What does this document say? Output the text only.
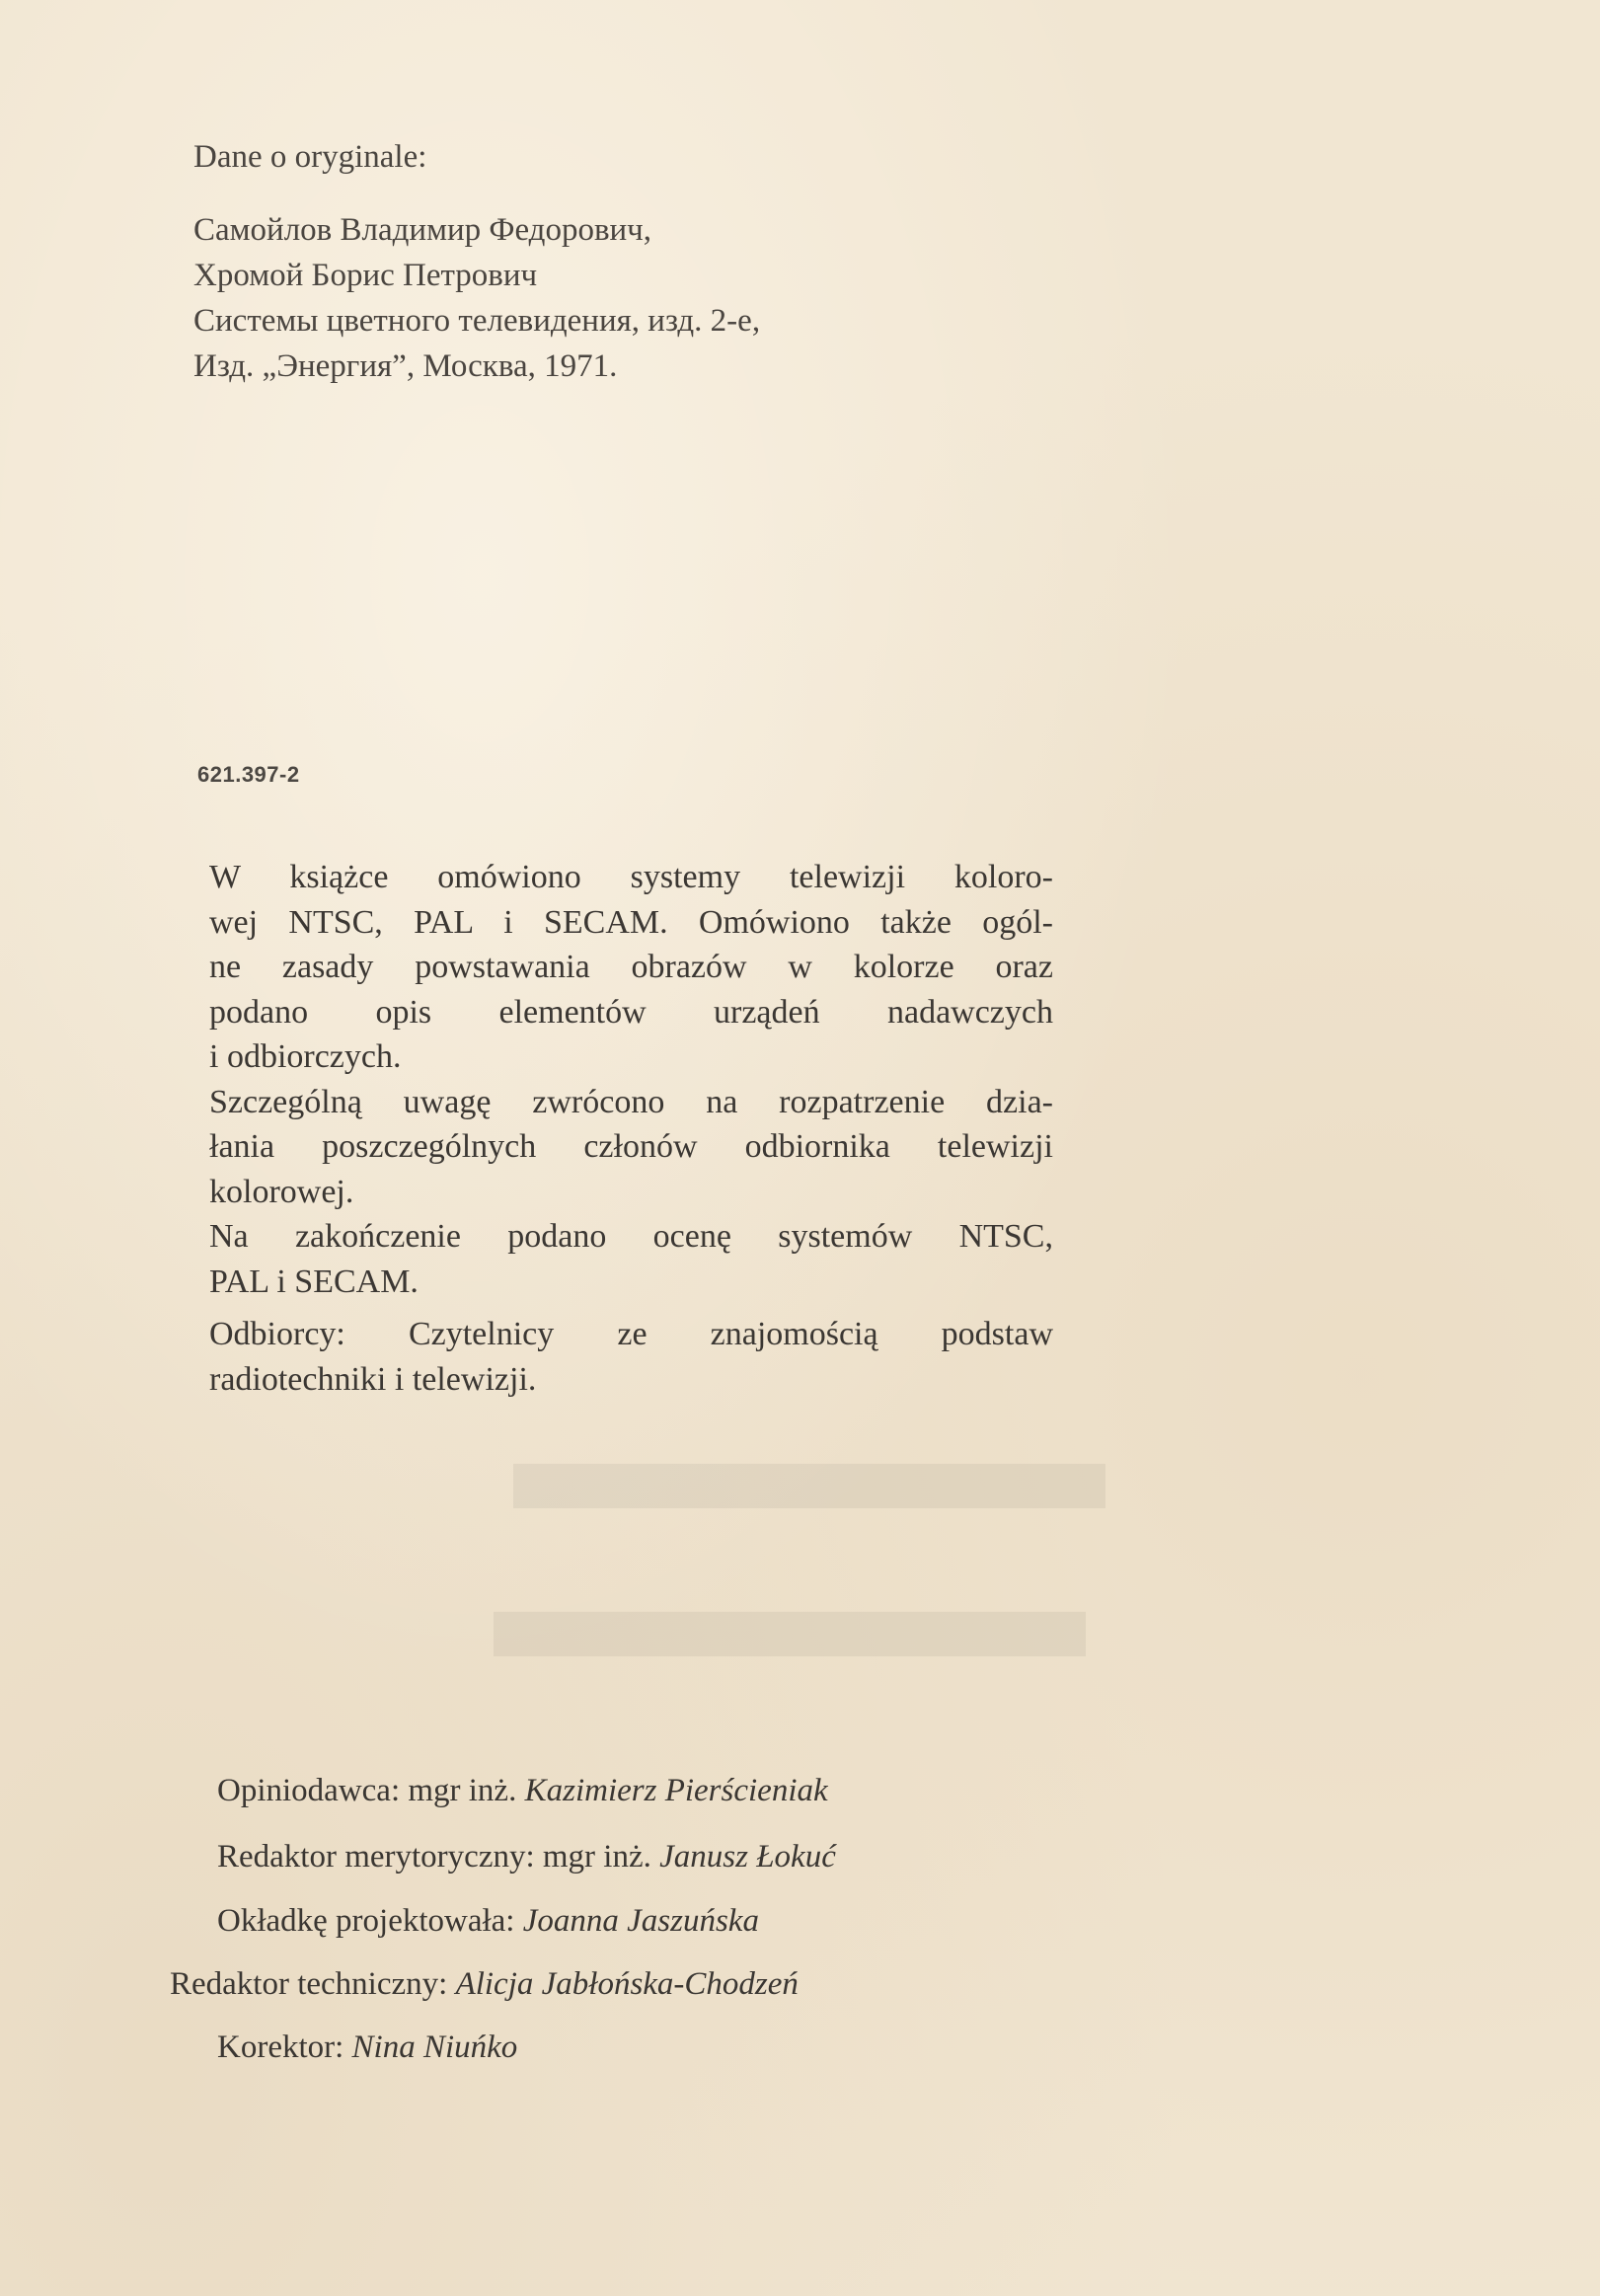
▬▬▬▬
▬▬▬▬
Dane o oryginale:
Самойлов Владимир Федорович,
Хромой Борис Петрович
Системы цветного телевидения, изд. 2-е,
Изд. „Энергия”, Москва, 1971.
621.397-2
W książce omówiono systemy telewizji koloro-
wej NTSC, PAL i SECAM. Omówiono także ogól-
ne zasady powstawania obrazów w kolorze oraz
podano opis elementów urządeń nadawczych
i odbiorczych.
Szczególną uwagę zwrócono na rozpatrzenie dzia-
łania poszczególnych członów odbiornika telewizji
kolorowej.
Na zakończenie podano ocenę systemów NTSC,
PAL i SECAM.
Odbiorcy: Czytelnicy ze znajomością podstaw
radiotechniki i telewizji.
Opiniodawca: mgr inż. Kazimierz Pierścieniak
Redaktor merytoryczny: mgr inż. Janusz Łokuć
Okładkę projektowała: Joanna Jaszuńska
Redaktor techniczny: Alicja Jabłońska-Chodzeń
Korektor: Nina Niuńko
